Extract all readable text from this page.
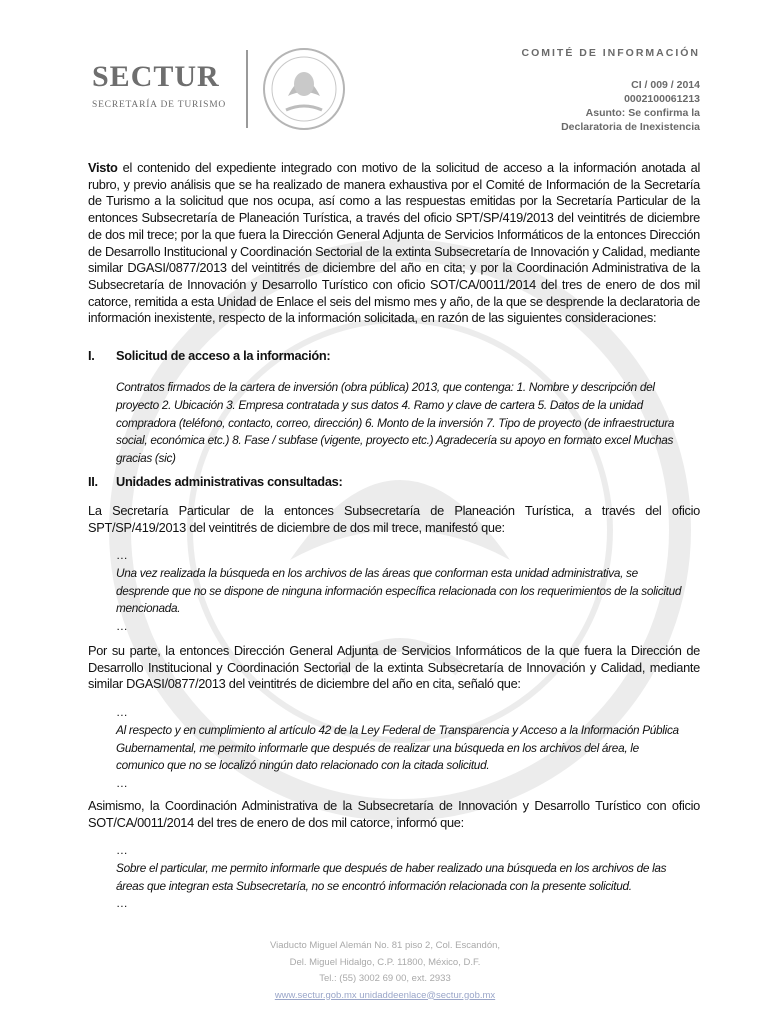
SECTUR
SECRETARÍA DE TURISMO
COMITÉ DE INFORMACIÓN
CI / 009 / 2014
0002100061213
Asunto: Se confirma la
Declaratoria de Inexistencia
Visto el contenido del expediente integrado con motivo de la solicitud de acceso a la información anotada al rubro, y previo análisis que se ha realizado de manera exhaustiva por el Comité de Información de la Secretaría de Turismo a la solicitud que nos ocupa, así como a las respuestas emitidas por la Secretaría Particular de la entonces Subsecretaría de Planeación Turística, a través del oficio SPT/SP/419/2013 del veintitrés de diciembre de dos mil trece; por la que fuera la Dirección General Adjunta de Servicios Informáticos de la entonces Dirección de Desarrollo Institucional y Coordinación Sectorial de la extinta Subsecretaría de Innovación y Calidad, mediante similar DGASI/0877/2013 del veintitrés de diciembre del año en cita; y por la Coordinación Administrativa de la Subsecretaría de Innovación y Desarrollo Turístico con oficio SOT/CA/0011/2014 del tres de enero de dos mil catorce, remitida a esta Unidad de Enlace el seis del mismo mes y año, de la que se desprende la declaratoria de información inexistente, respecto de la información solicitada, en razón de las siguientes consideraciones:
I. Solicitud de acceso a la información:
Contratos firmados de la cartera de inversión (obra pública) 2013, que contenga: 1. Nombre y descripción del proyecto 2. Ubicación 3. Empresa contratada y sus datos 4. Ramo y clave de cartera 5. Datos de la unidad compradora (teléfono, contacto, correo, dirección) 6. Monto de la inversión 7. Tipo de proyecto (de infraestructura social, económica etc.) 8. Fase / subfase (vigente, proyecto etc.) Agradecería su apoyo en formato excel Muchas gracias (sic)
II. Unidades administrativas consultadas:
La Secretaría Particular de la entonces Subsecretaría de Planeación Turística, a través del oficio SPT/SP/419/2013 del veintitrés de diciembre de dos mil trece, manifestó que:
…
Una vez realizada la búsqueda en los archivos de las áreas que conforman esta unidad administrativa, se desprende que no se dispone de ninguna información específica relacionada con los requerimientos de la solicitud mencionada.
…
Por su parte, la entonces Dirección General Adjunta de Servicios Informáticos de la que fuera la Dirección de Desarrollo Institucional y Coordinación Sectorial de la extinta Subsecretaría de Innovación y Calidad, mediante similar DGASI/0877/2013 del veintitrés de diciembre del año en cita, señaló que:
…
Al respecto y en cumplimiento al artículo 42 de la Ley Federal de Transparencia y Acceso a la Información Pública Gubernamental, me permito informarle que después de realizar una búsqueda en los archivos del área, le comunico que no se localizó ningún dato relacionado con la citada solicitud.
…
Asimismo, la Coordinación Administrativa de la Subsecretaría de Innovación y Desarrollo Turístico con oficio SOT/CA/0011/2014 del tres de enero de dos mil catorce, informó que:
…
Sobre el particular, me permito informarle que después de haber realizado una búsqueda en los archivos de las áreas que integran esta Subsecretaría, no se encontró información relacionada con la presente solicitud.
…
Viaducto Miguel Alemán No. 81 piso 2, Col. Escandón,
Del. Miguel Hidalgo, C.P. 11800, México, D.F.
Tel.: (55) 3002 69 00, ext. 2933
www.sectur.gob.mx unidaddeenlace@sectur.gob.mx
